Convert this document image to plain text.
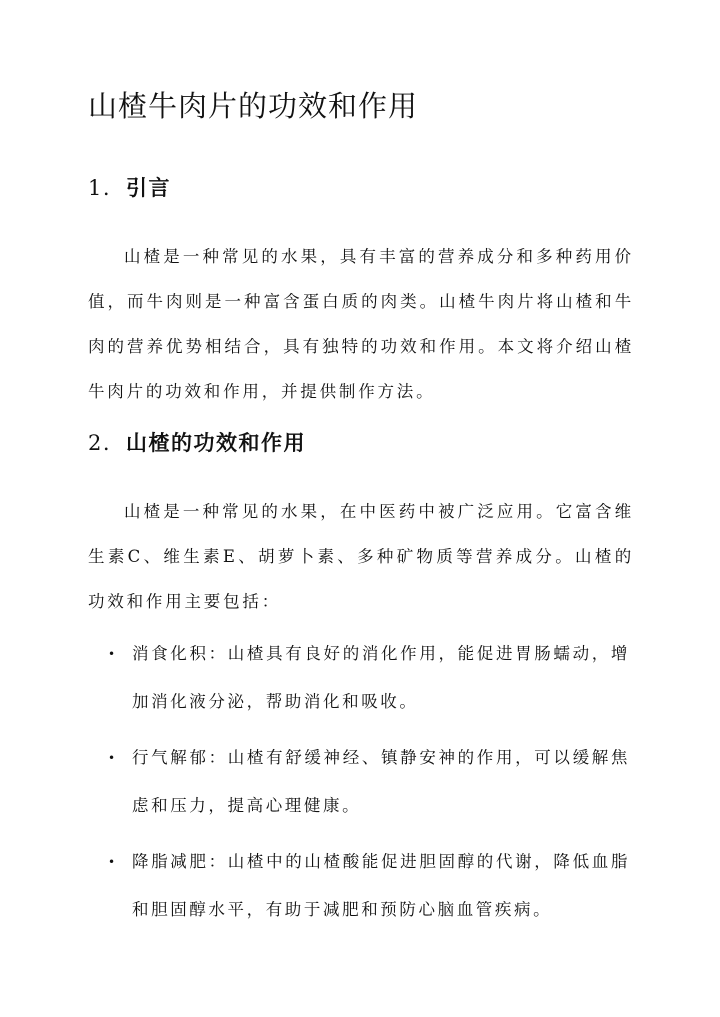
山楂牛肉片的功效和作用
1. 引言

山楂是一种常见的水果，具有丰富的营养成分和多种药用价值，而牛肉则是一种富含蛋白质的肉类。山楂牛肉片将山楂和牛肉的营养优势相结合，具有独特的功效和作用。本文将介绍山楂牛肉片的功效和作用，并提供制作方法。

2. 山楂的功效和作用

山楂是一种常见的水果，在中医药中被广泛应用。它富含维生素C、维生素E、胡萝卜素、多种矿物质等营养成分。山楂的功效和作用主要包括：

• 消食化积：山楂具有良好的消化作用，能促进胃肠蠕动，增加消化液分泌，帮助消化和吸收。
• 行气解郁：山楂有舒缓神经、镇静安神的作用，可以缓解焦虑和压力，提高心理健康。
• 降脂减肥：山楂中的山楂酸能促进胆固醇的代谢，降低血脂和胆固醇水平，有助于减肥和预防心脑血管疾病。
